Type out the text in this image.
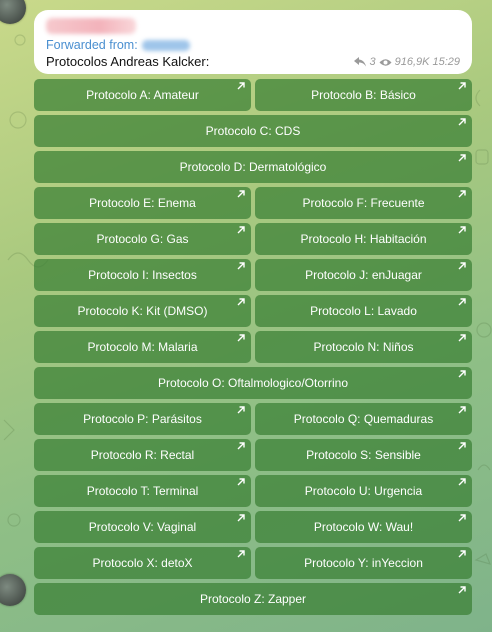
Forwarded from:
Protocolos Andreas Kalcker:	3 916,9K 15:29
Protocolo A: Amateur	Protocolo B: Básico
Protocolo C: CDS
Protocolo D: Dermatológico
Protocolo E: Enema	Protocolo F: Frecuente
Protocolo G: Gas	Protocolo H: Habitación
Protocolo I: Insectos	Protocolo J: enJuagar
Protocolo K: Kit (DMSO)	Protocolo L: Lavado
Protocolo M: Malaria	Protocolo N: Niños
Protocolo O: Oftalmologico/Otorrino
Protocolo P: Parásitos	Protocolo Q: Quemaduras
Protocolo R: Rectal	Protocolo S: Sensible
Protocolo T: Terminal	Protocolo U: Urgencia
Protocolo V: Vaginal	Protocolo W: Wau!
Protocolo X: detoX	Protocolo Y: inYeccion
Protocolo Z: Zapper
